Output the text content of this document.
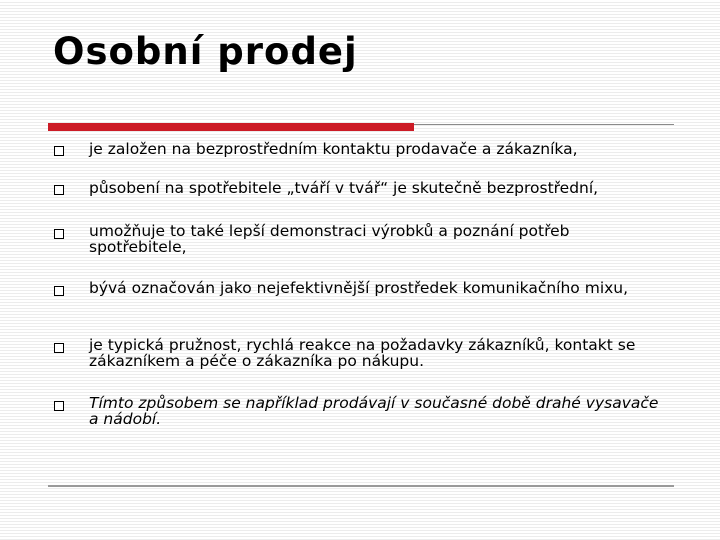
Osobní prodej

je založen na bezprostředním kontaktu prodavače a zákazníka,

působení na spotřebitele „tváří v tvář“ je skutečně bezprostřední,

umožňuje to také lepší demonstraci výrobků a poznání potřeb spotřebitele,

bývá označován jako nejefektivnější prostředek komunikačního mixu,

je typická pružnost, rychlá reakce na požadavky zákazníků, kontakt se zákazníkem a péče o zákazníka po nákupu.

Tímto způsobem se například prodávají v současné době drahé vysavače a nádobí.
